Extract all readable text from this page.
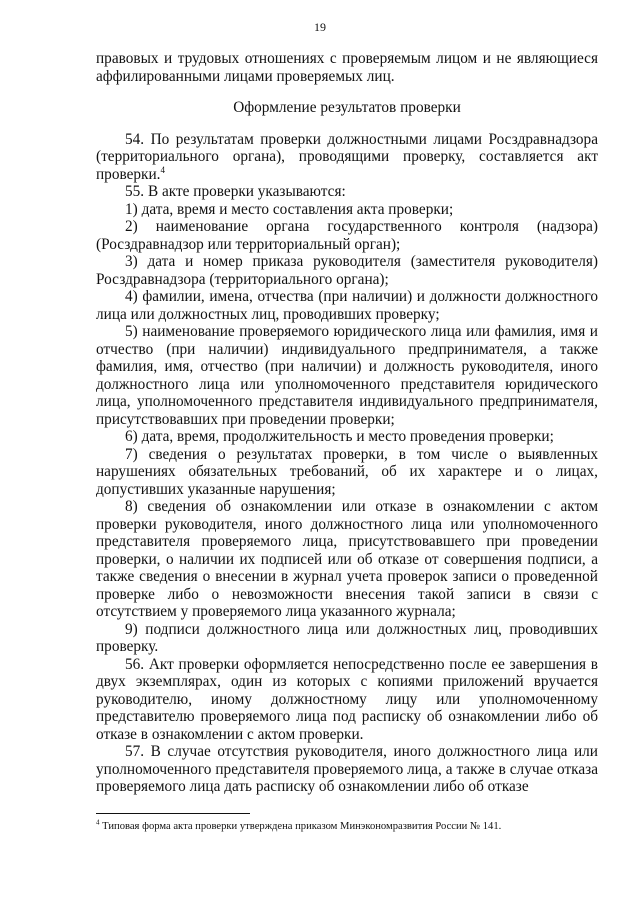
19

правовых и трудовых отношениях с проверяемым лицом и не являющиеся аффилированными лицами проверяемых лиц.

Оформление результатов проверки

54. По результатам проверки должностными лицами Росздравнадзора (территориального органа), проводящими проверку, составляется акт проверки.$^4$

55. В акте проверки указываются:

1) дата, время и место составления акта проверки;

2) наименование органа государственного контроля (надзора) (Росздравнадзор или территориальный орган);

3) дата и номер приказа руководителя (заместителя руководителя) Росздравнадзора (территориального органа);

4) фамилии, имена, отчества (при наличии) и должности должностного лица или должностных лиц, проводивших проверку;

5) наименование проверяемого юридического лица или фамилия, имя и отчество (при наличии) индивидуального предпринимателя, а также фамилия, имя, отчество (при наличии) и должность руководителя, иного должностного лица или уполномоченного представителя юридического лица, уполномоченного представителя индивидуального предпринимателя, присутствовавших при проведении проверки;

6) дата, время, продолжительность и место проведения проверки;

7) сведения о результатах проверки, в том числе о выявленных нарушениях обязательных требований, об их характере и о лицах, допустивших указанные нарушения;

8) сведения об ознакомлении или отказе в ознакомлении с актом проверки руководителя, иного должностного лица или уполномоченного представителя проверяемого лица, присутствовавшего при проведении проверки, о наличии их подписей или об отказе от совершения подписи, а также сведения о внесении в журнал учета проверок записи о проведенной проверке либо о невозможности внесения такой записи в связи с отсутствием у проверяемого лица указанного журнала;

9) подписи должностного лица или должностных лиц, проводивших проверку.

56. Акт проверки оформляется непосредственно после ее завершения в двух экземплярах, один из которых с копиями приложений вручается руководителю, иному должностному лицу или уполномоченному представителю проверяемого лица под расписку об ознакомлении либо об отказе в ознакомлении с актом проверки.

57. В случае отсутствия руководителя, иного должностного лица или уполномоченного представителя проверяемого лица, а также в случае отказа проверяемого лица дать расписку об ознакомлении либо об отказе

$^4$ Типовая форма акта проверки утверждена приказом Минэкономразвития России № 141.
